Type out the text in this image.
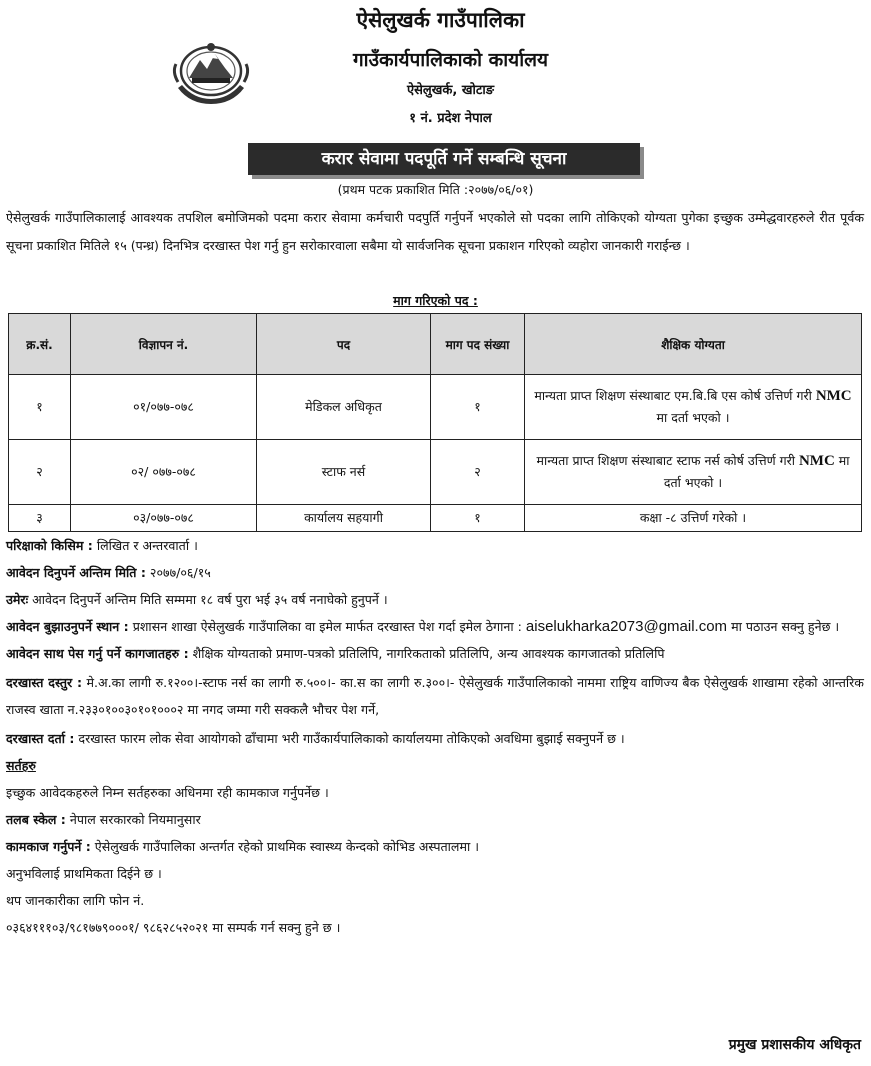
ऐसेलुखर्क गाउँपालिका
गाउँकार्यपालिकाको कार्यालय
ऐसेलुखर्क, खोटाङ
१ नं. प्रदेश नेपाल
करार सेवामा पदपूर्ति गर्ने सम्बन्धि सूचना
(प्रथम पटक प्रकाशित मिति :२०७७/०६/०१)
ऐसेलुखर्क गाउँपालिकालाई आवश्यक तपशिल बमोजिमको पदमा करार सेवामा कर्मचारी पदपुर्ति गर्नुपर्ने भएकोले सो पदका लागि तोकिएको योग्यता पुगेका इच्छुक उम्मेद्धवारहरुले रीत पूर्वक सूचना प्रकाशित मितिले १५ (पन्ध्र) दिनभित्र दरखास्त पेश गर्नु हुन सरोकारवाला सबैमा यो सार्वजनिक सूचना प्रकाशन गरिएको व्यहोरा जानकारी गराईन्छ ।
माग गरिएको पद :
क्र.सं.	विज्ञापन नं.	पद	माग पद संख्या	शैक्षिक योग्यता
१	०१/०७७-०७८	मेडिकल अधिकृत	१	मान्यता प्राप्त शिक्षण संस्थाबाट एम.बि.बि एस कोर्ष उत्तिर्ण गरी NMC मा दर्ता भएको ।
२	०२/ ०७७-०७८	स्टाफ नर्स	२	मान्यता प्राप्त शिक्षण संस्थाबाट स्टाफ नर्स कोर्ष उत्तिर्ण गरी NMC मा दर्ता भएको ।
३	०३/०७७-०७८	कार्यालय सहयागी	१	कक्षा -८ उत्तिर्ण गरेको ।

परिक्षाको किसिम : लिखित र अन्तरवार्ता ।

आवेदन दिनुपर्ने अन्तिम मिति : २०७७/०६/१५

उमेरः आवेदन दिनुपर्ने अन्तिम मिति सम्ममा १८ वर्ष पुरा भई ३५ वर्ष ननाघेको हुनुपर्ने ।

आवेदन बुझाउनुपर्ने स्थान : प्रशासन शाखा ऐसेलुखर्क गाउँपालिका वा इमेल मार्फत दरखास्त पेश गर्दा इमेल ठेगाना : aiselukharka2073@gmail.com मा पठाउन सक्नु हुनेछ ।

आवेदन साथ पेस गर्नु पर्ने कागजातहरु : शैक्षिक योग्यताको प्रमाण-पत्रको प्रतिलिपि, नागरिकताको प्रतिलिपि, अन्य आवश्यक कागजातको प्रतिलिपि

दरखास्त दस्तुर : मे.अ.का लागी रु.१२००।-स्टाफ नर्स का लागी रु.५००।- का.स का लागी रु.३००।- ऐसेलुखर्क गाउँपालिकाको नाममा राष्ट्रिय वाणिज्य बैक ऐसेलुखर्क शाखामा रहेको आन्तरिक राजस्व खाता न.२३३०१००३०१०१०००२ मा नगद जम्मा गरी सक्कलै भौचर पेश गर्ने,

दरखास्त दर्ता : दरखास्त फारम लोक सेवा आयोगको ढाँचामा भरी गाउँकार्यपालिकाको कार्यालयमा तोकिएको अवधिमा बुझाई सक्नुपर्ने छ ।

सर्तहरु

इच्छुक आवेदकहरुले निम्न सर्तहरुका अधिनमा रही कामकाज गर्नुपर्नेछ ।

तलब स्केल : नेपाल सरकारको नियमानुसार

कामकाज गर्नुपर्ने : ऐसेलुखर्क गाउँपालिका अन्तर्गत रहेको प्राथमिक स्वास्थ्य केन्दको कोभिड अस्पतालमा ।

अनुभविलाई प्राथमिकता दिईने छ ।

थप जानकारीका लागि फोन नं.

०३६४१११०३/९८१७७९०००१/ ९८६२८५२०२१ मा सम्पर्क गर्न सक्नु हुने छ ।

प्रमुख प्रशासकीय अधिकृत
